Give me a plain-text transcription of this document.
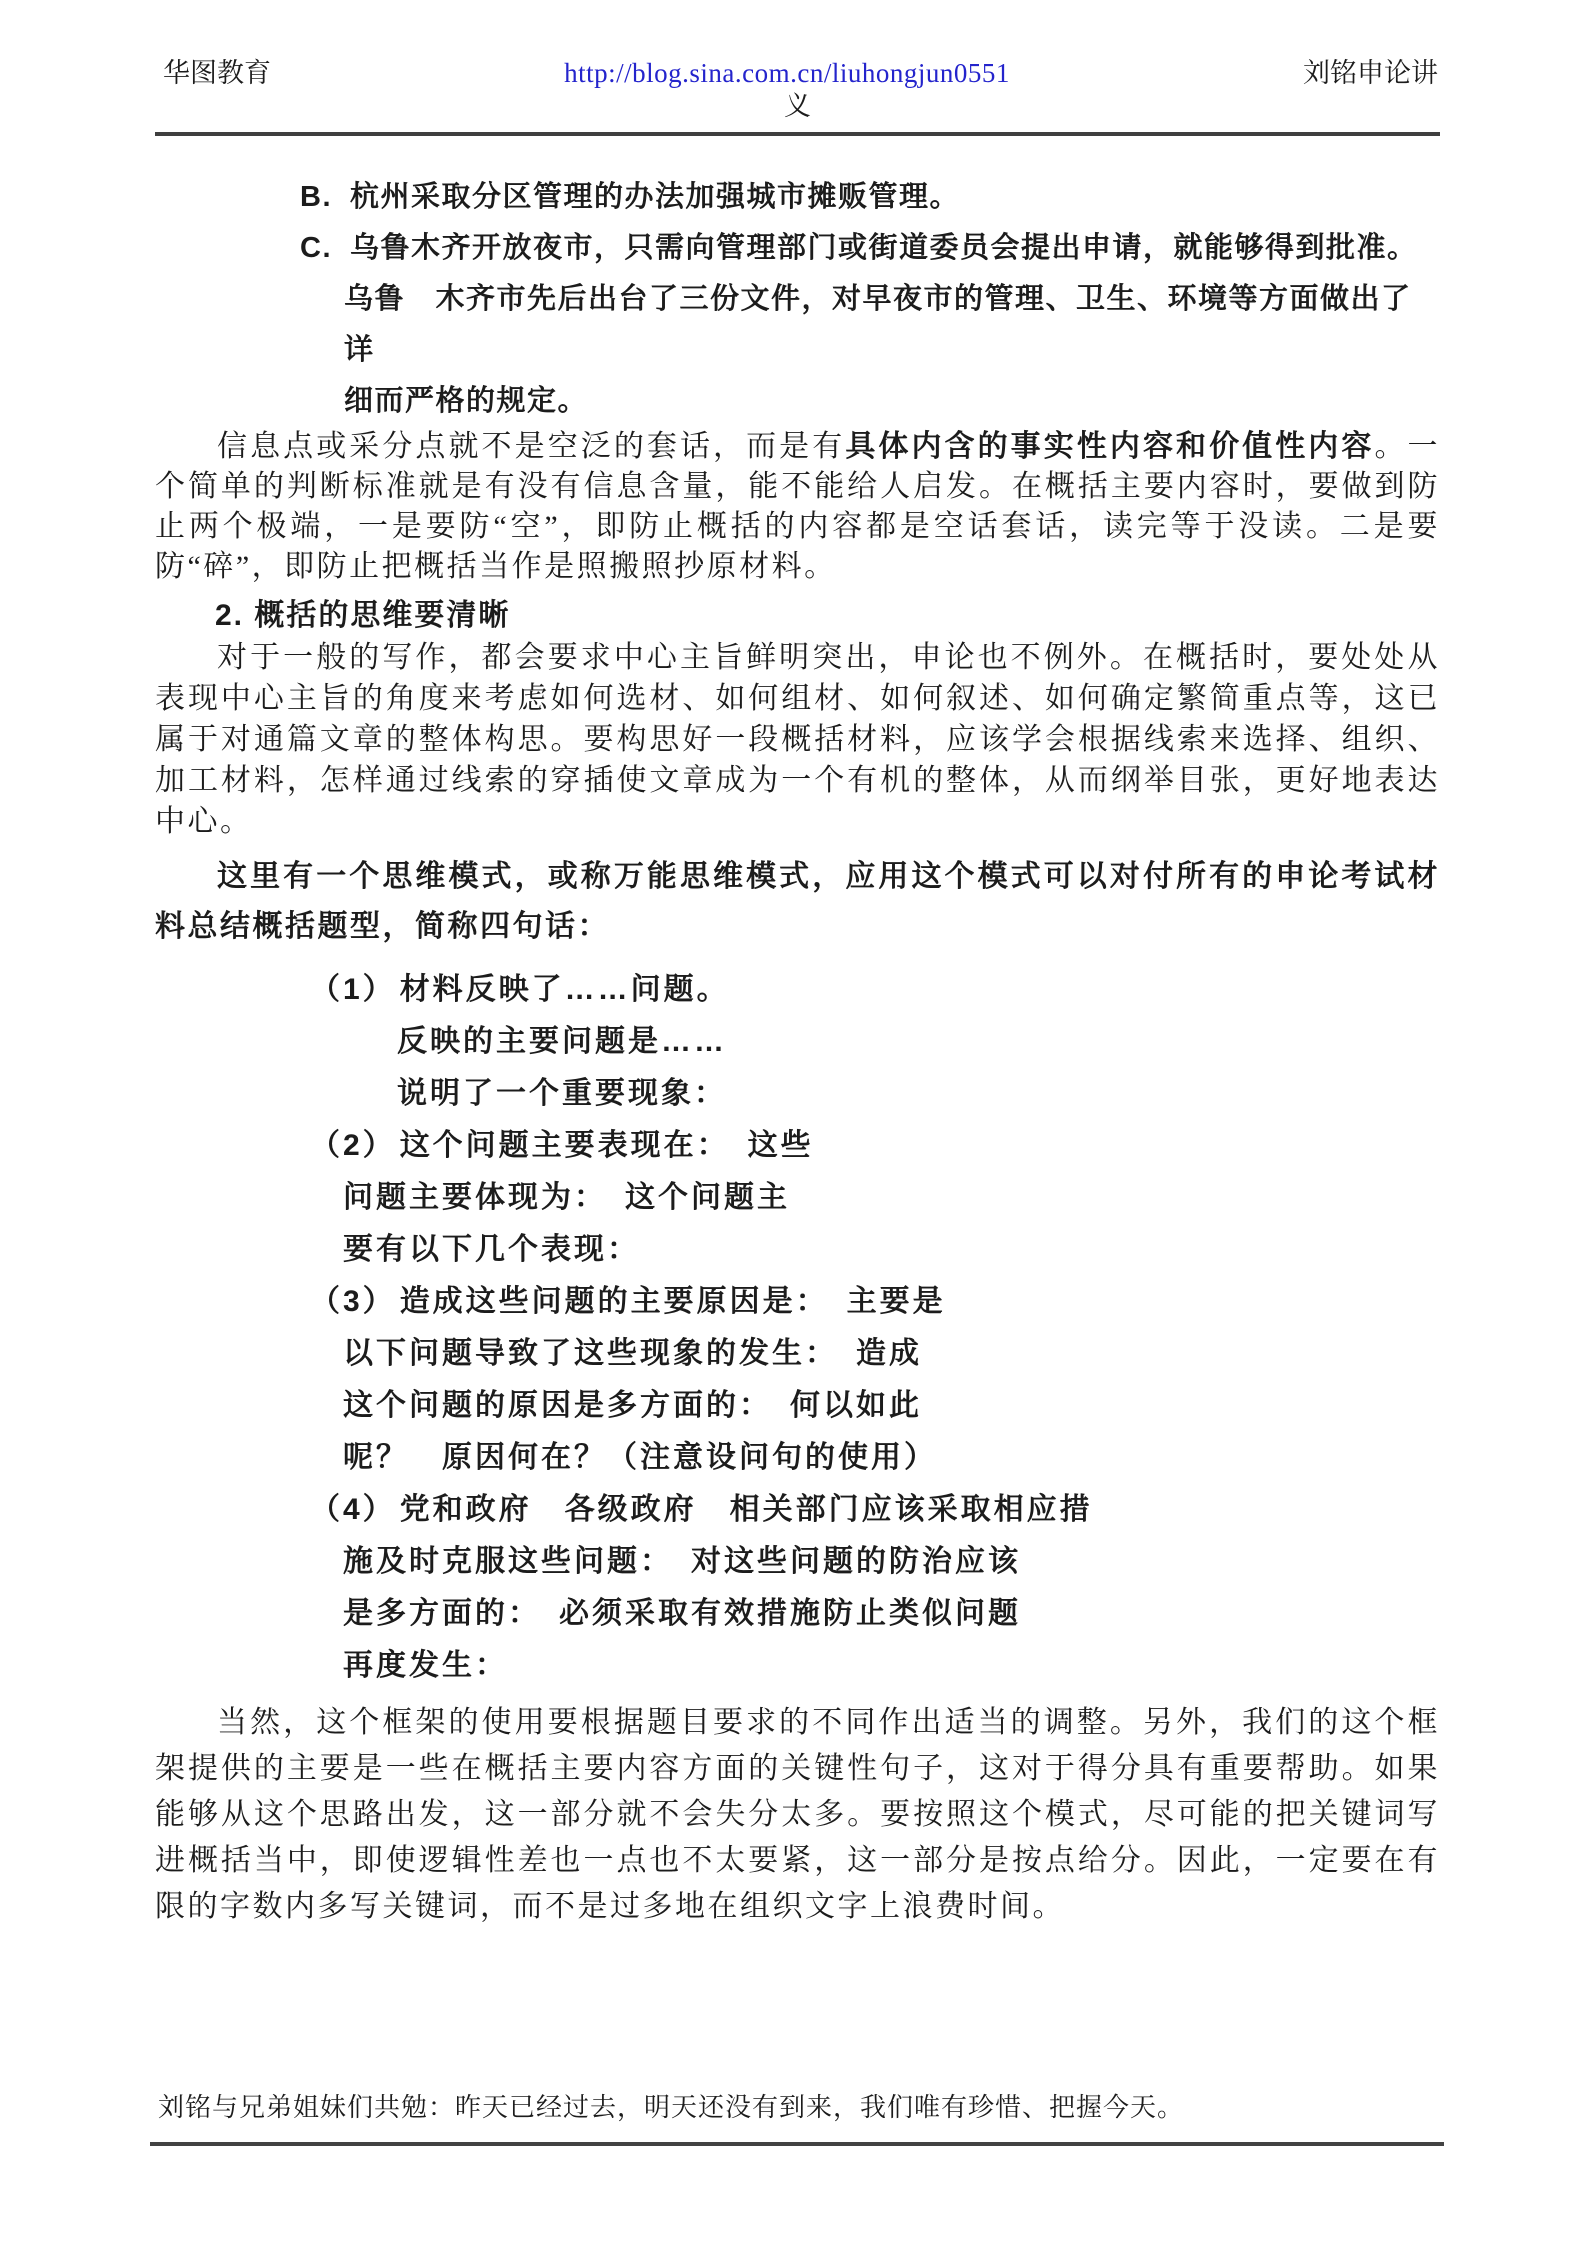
华图教育	http://blog.sina.com.cn/liuhongjun0551	刘铭申论讲
义
B. 杭州采取分区管理的办法加强城市摊贩管理。
C. 乌鲁木齐开放夜市，只需向管理部门或街道委员会提出申请，就能够得到批准。
乌鲁　木齐市先后出台了三份文件，对早夜市的管理、卫生、环境等方面做出了详
细而严格的规定。

信息点或采分点就不是空泛的套话，而是有具体内含的事实性内容和价值性内容。一个简单的判断标准就是有没有信息含量，能不能给人启发。在概括主要内容时，要做到防止两个极端，一是要防“空”，即防止概括的内容都是空话套话，读完等于没读。二是要防“碎”，即防止把概括当作是照搬照抄原材料。

2. 概括的思维要清晰

对于一般的写作，都会要求中心主旨鲜明突出，申论也不例外。在概括时，要处处从表现中心主旨的角度来考虑如何选材、如何组材、如何叙述、如何确定繁简重点等，这已属于对通篇文章的整体构思。要构思好一段概括材料，应该学会根据线索来选择、组织、加工材料，怎样通过线索的穿插使文章成为一个有机的整体，从而纲举目张，更好地表达中心。

这里有一个思维模式，或称万能思维模式，应用这个模式可以对付所有的申论考试材料总结概括题型，简称四句话：

（1） 材料反映了……问题。
反映的主要问题是……
说明了一个重要现象：
（2） 这个问题主要表现在：　这些
问题主要体现为：　这个问题主
要有以下几个表现：
（3） 造成这些问题的主要原因是：　主要是
以下问题导致了这些现象的发生：　造成
这个问题的原因是多方面的：　何以如此
呢？　原因何在？（注意设问句的使用）
（4） 党和政府　各级政府　相关部门应该采取相应措
施及时克服这些问题：　对这些问题的防治应该
是多方面的：　必须采取有效措施防止类似问题
再度发生：

当然，这个框架的使用要根据题目要求的不同作出适当的调整。另外，我们的这个框架提供的主要是一些在概括主要内容方面的关键性句子，这对于得分具有重要帮助。如果能够从这个思路出发，这一部分就不会失分太多。要按照这个模式，尽可能的把关键词写进概括当中，即使逻辑性差也一点也不太要紧，这一部分是按点给分。因此，一定要在有限的字数内多写关键词，而不是过多地在组织文字上浪费时间。

刘铭与兄弟姐妹们共勉：昨天已经过去，明天还没有到来，我们唯有珍惜、把握今天。
